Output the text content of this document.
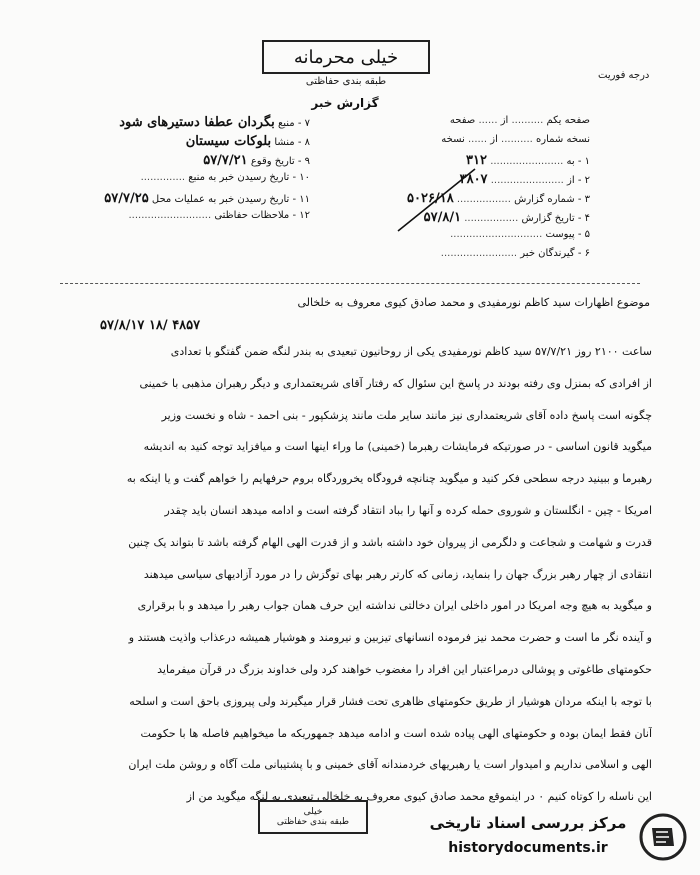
خیلی محرمانه
طبقه بندی حفاظتی
درجه فوریت
گزارش خبر
صفحه یکم .......... از ...... صفحه
نسخه شماره .......... از ...... نسخه
۱ - به ....................... ۳۱۲
۲ - از ....................... ۳۸۰۷
۳ - شماره گزارش ................. ۵۰۲۶/۱۸
۴ - تاریخ گزارش ................. ۵۷/۸/۱
۵ - پیوست .............................
۶ - گیرندگان خبر ........................
۷ - منبع بگردان عطفا دستیرهای شود
۸ - منشا بلوکات سیستان
۹ - تاریخ وقوع ۵۷/۷/۲۱
۱۰ - تاریخ رسیدن خبر به منبع ..............
۱۱ - تاریخ رسیدن خبر به عملیات محل ۵۷/۷/۲۵
۱۲ - ملاحظات حفاظتی ..........................
موضوع اظهارات سید کاظم نورمفیدی و محمد صادق کیوی معروف به خلخالی
۴۸۵۷ /۱۸ ۵۷/۸/۱۷

ساعت ۲۱۰۰ روز ۵۷/۷/۲۱ سید کاظم نورمفیدی یکی از روحانیون تبعیدی به بندر لنگه ضمن گفتگو با تعدادی

از افرادی که بمنزل وی رفته بودند در پاسخ این سئوال که رفتار آقای شریعتمداری و دیگر رهبران مذهبی با خمینی

چگونه است پاسخ داده آقای شریعتمداری نیز مانند سایر ملت مانند پزشکپور - بنی احمد - شاه و نخست وزیر

میگوید قانون اساسی - در صورتیکه فرمایشات رهبرما (خمینی) ما وراء اینها است و میافزاید توجه کنید به اندیشه

رهبرما و ببینید درجه سطحی فکر کنید و میگوید چنانچه فرودگاه یخروردگاه بروم حرفهایم را خواهم گفت و یا اینکه به

امریکا - چین - انگلستان و شوروی حمله کرده و آنها را بباد انتقاد گرفته است و ادامه میدهد انسان باید چقدر

قدرت و شهامت و شجاعت و دلگرمی از پیروان خود داشته باشد و از قدرت الهی الهام گرفته باشد تا بتواند یک چنین

انتقادی از چهار رهبر بزرگ جهان را بنماید، زمانی که کارتر رهبر بهای توگزش را در مورد آزادیهای سیاسی میدهند

و میگوید به هیچ وجه امریکا در امور داخلی ایران دخالتی نداشته این حرف همان جواب رهبر را میدهد و با برقراری

و آینده نگر ما است و حضرت محمد نیز فرموده انسانهای تیزبین و نیرومند و هوشیار همیشه درعذاب واذیت هستند و

حکومتهای طاغوتی و پوشالی درمراعتبار این افراد را مغضوب خواهند کرد ولی خداوند بزرگ در قرآن میفرماید

با توجه با اینکه مردان هوشیار از طریق حکومتهای ظاهری تحت فشار قرار میگیرند ولی پیروزی باحق است و اسلحه

آنان فقط ایمان بوده و حکومتهای الهی پیاده شده است و ادامه میدهد جمهوریکه ما میخواهیم فاصله ها با حکومت

الهی و اسلامی نداریم و امیدوار است یا رهبریهای خردمندانه آقای خمینی و با پشتیبانی ملت آگاه و روشن ملت ایران

این ناسله را کوتاه کنیم ۰ در اینموقع محمد صادق کیوی معروف به خلخالی تبعیدی به لنگه میگوید من از

خیلی
طبقه بندی حفاظتی	مرکز بررسی اسناد تاریخی
historydocuments.ir
